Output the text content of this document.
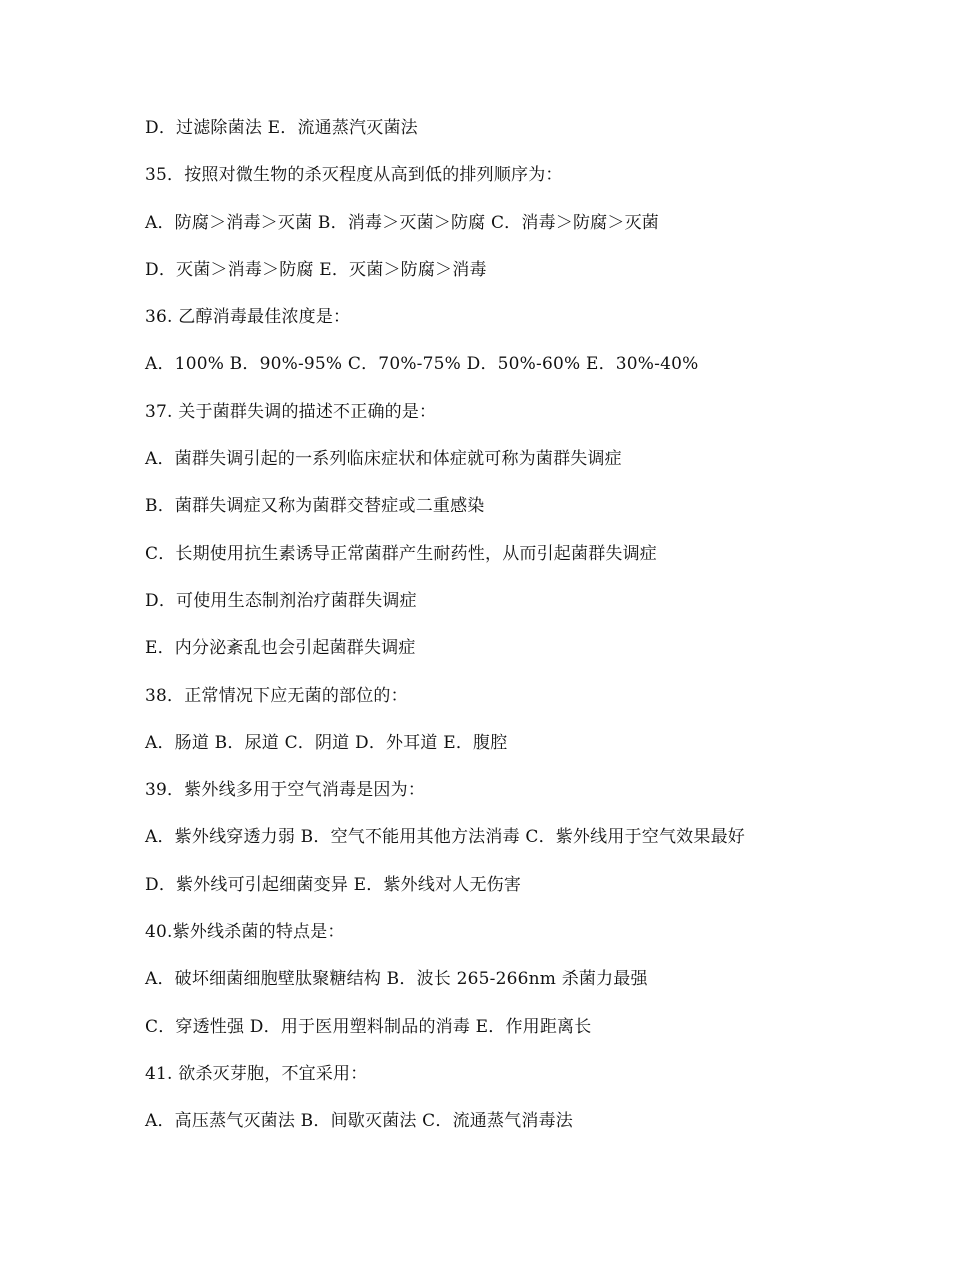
D．过滤除菌法 E．流通蒸汽灭菌法
35．按照对微生物的杀灭程度从高到低的排列顺序为：
A．防腐＞消毒＞灭菌 B．消毒＞灭菌＞防腐 C．消毒＞防腐＞灭菌
D．灭菌＞消毒＞防腐 E．灭菌＞防腐＞消毒
36. 乙醇消毒最佳浓度是：
A．100% B．90%-95% C．70%-75% D．50%-60% E．30%-40%
37. 关于菌群失调的描述不正确的是：
A．菌群失调引起的一系列临床症状和体症就可称为菌群失调症
B．菌群失调症又称为菌群交替症或二重感染
C．长期使用抗生素诱导正常菌群产生耐药性，从而引起菌群失调症
D．可使用生态制剂治疗菌群失调症
E．内分泌紊乱也会引起菌群失调症
38．正常情况下应无菌的部位的：
A．肠道 B．尿道 C．阴道 D．外耳道 E．腹腔
39．紫外线多用于空气消毒是因为：
A．紫外线穿透力弱 B．空气不能用其他方法消毒 C．紫外线用于空气效果最好
D．紫外线可引起细菌变异 E．紫外线对人无伤害
40.紫外线杀菌的特点是：
A．破坏细菌细胞壁肽聚糖结构 B．波长 265-266nm 杀菌力最强
C．穿透性强 D．用于医用塑料制品的消毒 E．作用距离长
41. 欲杀灭芽胞，不宜采用：
A．高压蒸气灭菌法 B．间歇灭菌法 C．流通蒸气消毒法
